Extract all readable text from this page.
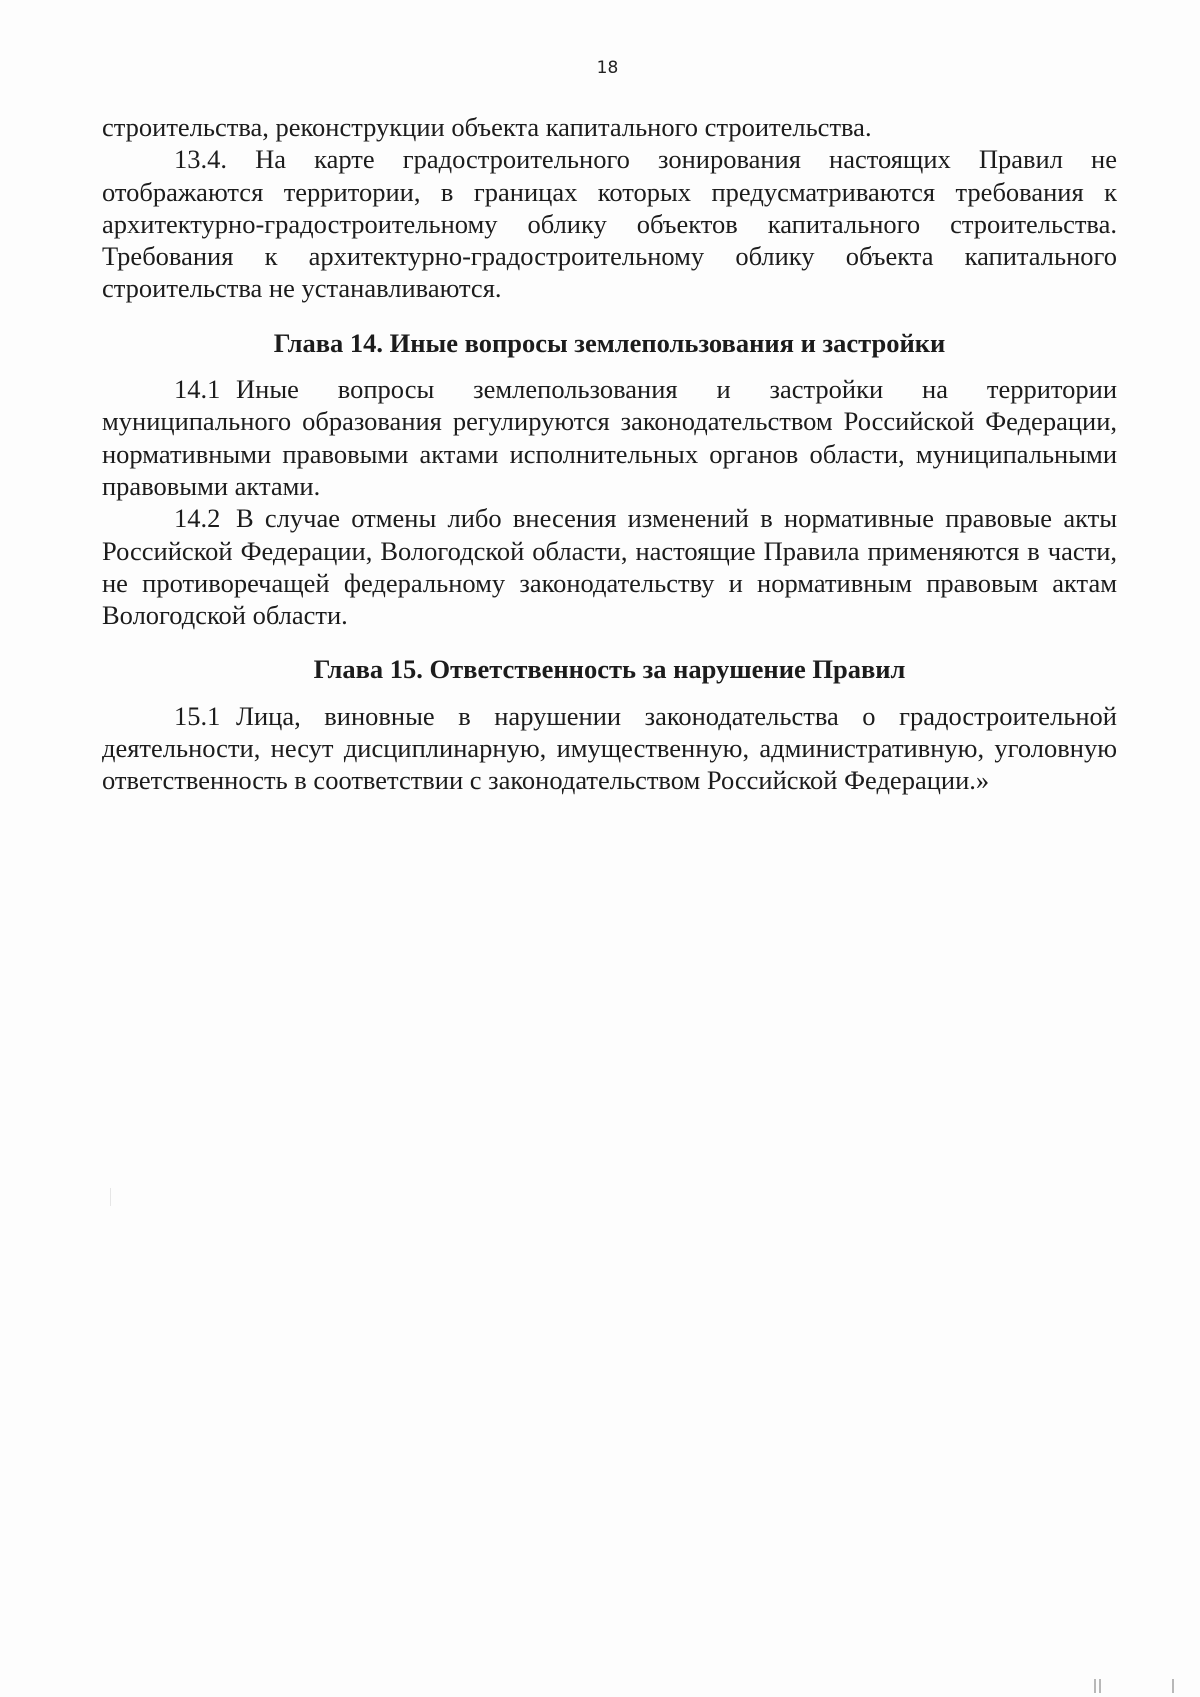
18

строительства, реконструкции объекта капитального строительства.

13.4. На карте градостроительного зонирования настоящих Правил не отображаются территории, в границах которых предусматриваются требования к архитектурно-градостроительному облику объектов капитального строительства. Требования к архитектурно-градостроительному облику объекта капитального строительства не устанавливаются.

Глава 14. Иные вопросы землепользования и застройки

14.1 Иные вопросы землепользования и застройки на территории муниципального образования регулируются законодательством Российской Федерации, нормативными правовыми актами исполнительных органов области, муниципальными правовыми актами.

14.2 В случае отмены либо внесения изменений в нормативные правовые акты Российской Федерации, Вологодской области, настоящие Правила применяются в части, не противоречащей федеральному законодательству и нормативным правовым актам Вологодской области.

Глава 15. Ответственность за нарушение Правил

15.1 Лица, виновные в нарушении законодательства о градостроительной деятельности, несут дисциплинарную, имущественную, административную, уголовную ответственность в соответствии с законодательством Российской Федерации.»
